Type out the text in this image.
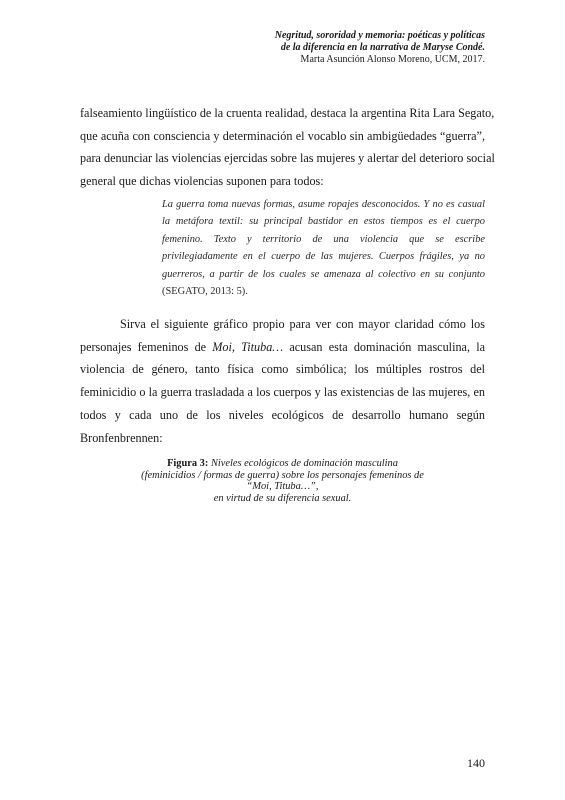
Negritud, sororidad y memoria: poéticas y políticas
de la diferencia en la narrativa de Maryse Condé.
Marta Asunción Alonso Moreno, UCM, 2017.
falseamiento lingüístico de la cruenta realidad, destaca la argentina Rita Lara Segato,
que acuña con consciencia y determinación el vocablo sin ambigüedades “guerra”,
para denunciar las violencias ejercidas sobre las mujeres y alertar del deterioro social
general que dichas violencias suponen para todos:
La guerra toma nuevas formas, asume ropajes desconocidos. Y no es casual
la metáfora textil: su principal bastidor en estos tiempos es el cuerpo
femenino. Texto y territorio de una violencia que se escribe
privilegiadamente en el cuerpo de las mujeres. Cuerpos frágiles, ya no
guerreros, a partir de los cuales se amenaza al colectivo en su conjunto
(SEGATO, 2013: 5).
Sirva el siguiente gráfico propio para ver con mayor claridad cómo los
personajes femeninos de Moi, Tituba… acusan esta dominación masculina, la
violencia de género, tanto física como simbólica; los múltiples rostros del
feminicidio o la guerra trasladada a los cuerpos y las existencias de las mujeres, en
todos y cada uno de los niveles ecológicos de desarrollo humano según
Bronfenbrennen:
Figura 3: Niveles ecológicos de dominación masculina
(feminicidios / formas de guerra) sobre los personajes femeninos de
“Moi, Tituba…”,
en virtud de su diferencia sexual.
140
